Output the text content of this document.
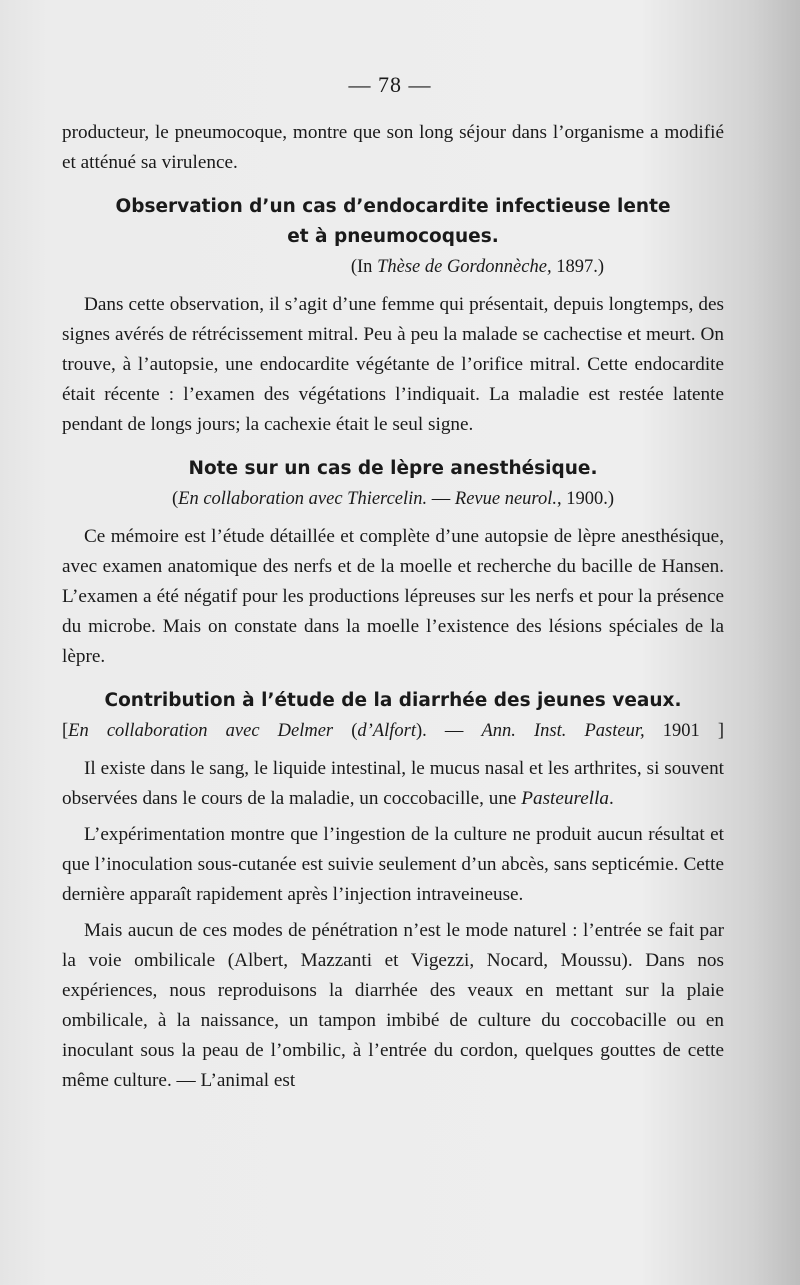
— 78 —

producteur, le pneumocoque, montre que son long séjour dans l’organisme a modifié et atténué sa virulence.

Observation d’un cas d’endocardite infectieuse lente
et à pneumocoques.
(In Thèse de Gordonnèche, 1897.)

Dans cette observation, il s’agit d’une femme qui présentait, depuis longtemps, des signes avérés de rétrécissement mitral. Peu à peu la malade se cachectise et meurt. On trouve, à l’autopsie, une endocardite végétante de l’orifice mitral. Cette endocardite était récente : l’examen des végétations l’indiquait. La maladie est restée latente pendant de longs jours; la cachexie était le seul signe.

Note sur un cas de lèpre anesthésique.
(En collaboration avec Thiercelin. — Revue neurol., 1900.)

Ce mémoire est l’étude détaillée et complète d’une autopsie de lèpre anesthésique, avec examen anatomique des nerfs et de la moelle et recherche du bacille de Hansen. L’examen a été négatif pour les productions lépreuses sur les nerfs et pour la présence du microbe. Mais on constate dans la moelle l’existence des lésions spéciales de la lèpre.

Contribution à l’étude de la diarrhée des jeunes veaux.
[En collaboration avec Delmer (d’Alfort). — Ann. Inst. Pasteur, 1901 ]

Il existe dans le sang, le liquide intestinal, le mucus nasal et les arthrites, si souvent observées dans le cours de la maladie, un coccobacille, une Pasteurella.

L’expérimentation montre que l’ingestion de la culture ne produit aucun résultat et que l’inoculation sous-cutanée est suivie seulement d’un abcès, sans septicémie. Cette dernière apparaît rapidement après l’injection intraveineuse.

Mais aucun de ces modes de pénétration n’est le mode naturel : l’entrée se fait par la voie ombilicale (Albert, Mazzanti et Vigezzi, Nocard, Moussu). Dans nos expériences, nous reproduisons la diarrhée des veaux en mettant sur la plaie ombilicale, à la naissance, un tampon imbibé de culture du coccobacille ou en inoculant sous la peau de l’ombilic, à l’entrée du cordon, quelques gouttes de cette même culture. — L’animal est
